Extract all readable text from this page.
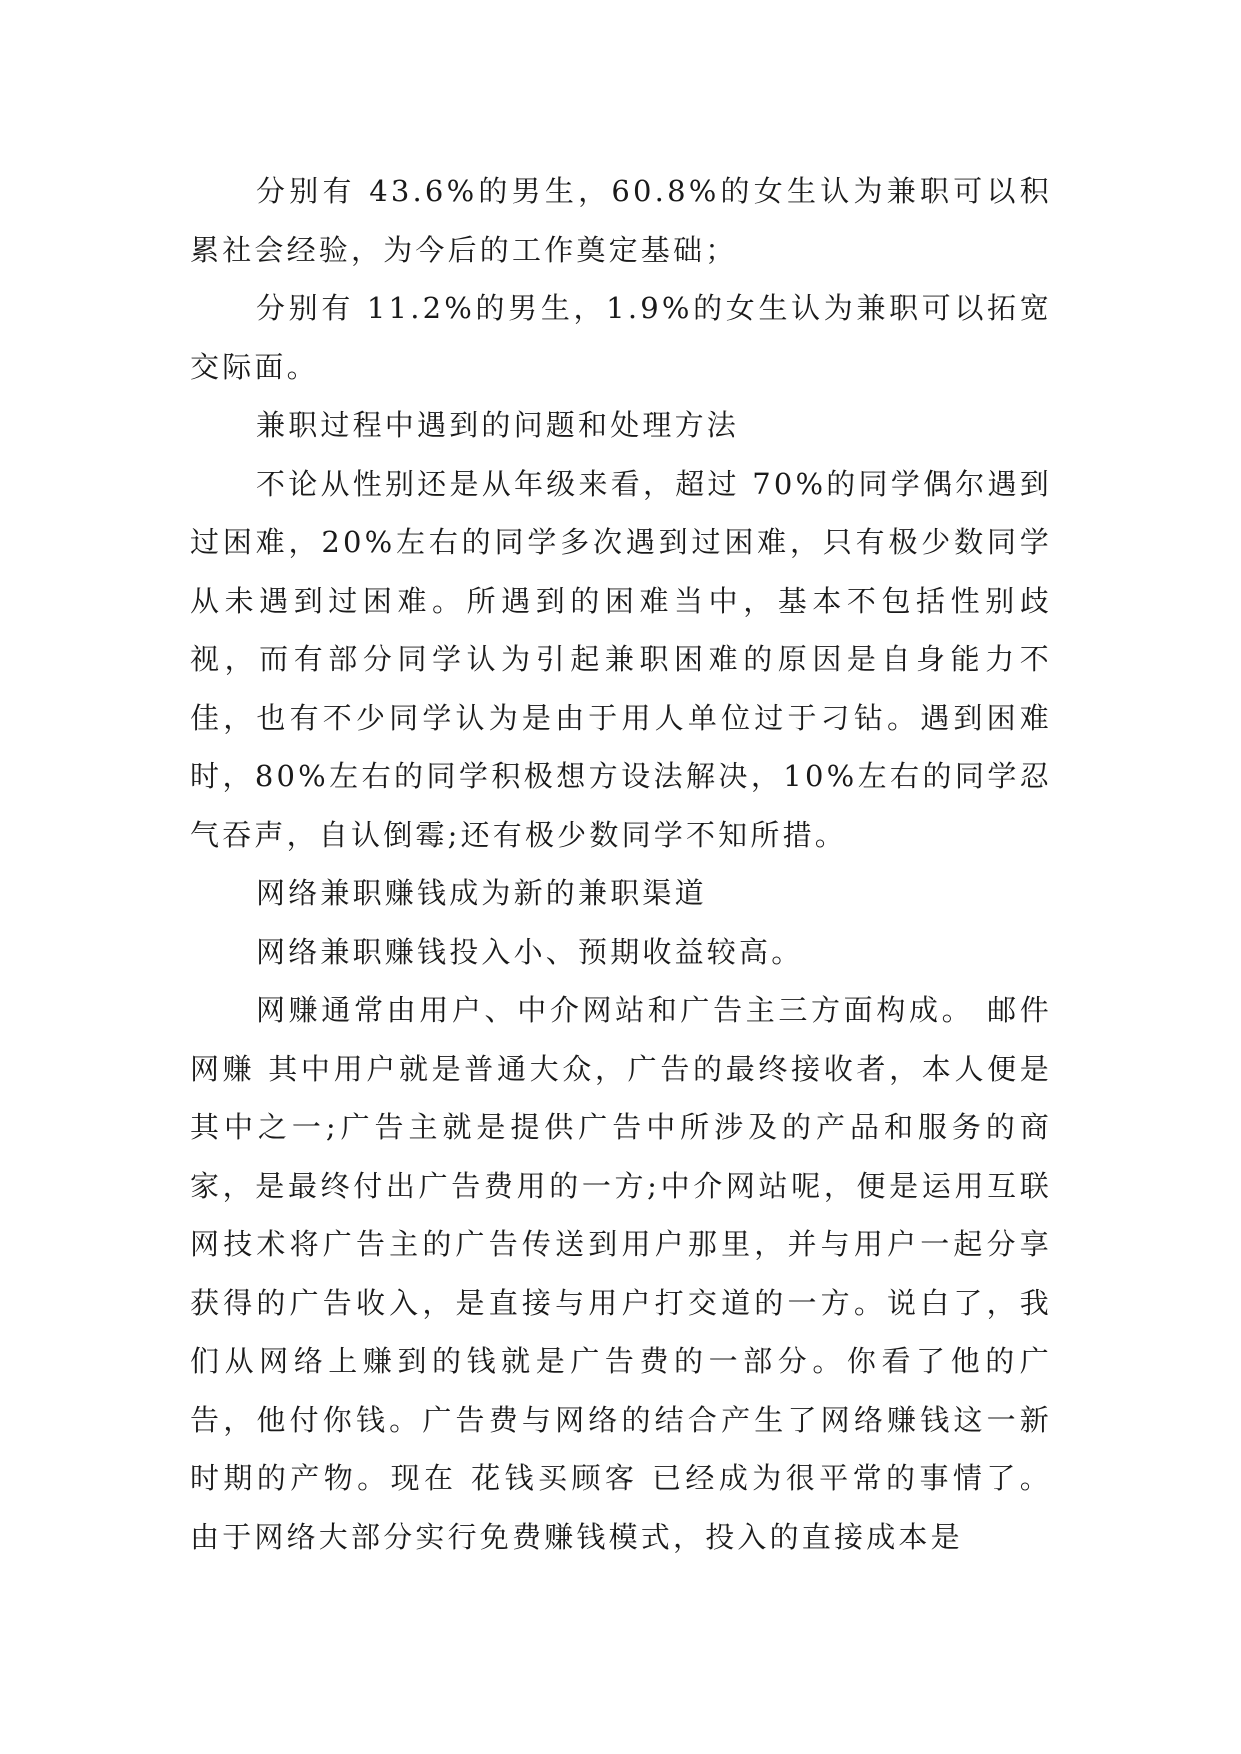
分别有 43.6%的男生，60.8%的女生认为兼职可以积累社会经验，为今后的工作奠定基础；

分别有 11.2%的男生，1.9%的女生认为兼职可以拓宽交际面。

兼职过程中遇到的问题和处理方法

不论从性别还是从年级来看，超过 70%的同学偶尔遇到过困难，20%左右的同学多次遇到过困难，只有极少数同学从未遇到过困难。所遇到的困难当中，基本不包括性别歧视，而有部分同学认为引起兼职困难的原因是自身能力不佳，也有不少同学认为是由于用人单位过于刁钻。遇到困难时，80%左右的同学积极想方设法解决，10%左右的同学忍气吞声，自认倒霉;还有极少数同学不知所措。

网络兼职赚钱成为新的兼职渠道

网络兼职赚钱投入小、预期收益较高。

网赚通常由用户、中介网站和广告主三方面构成。 邮件网赚 其中用户就是普通大众，广告的最终接收者，本人便是其中之一;广告主就是提供广告中所涉及的产品和服务的商家，是最终付出广告费用的一方;中介网站呢，便是运用互联网技术将广告主的广告传送到用户那里，并与用户一起分享获得的广告收入，是直接与用户打交道的一方。说白了，我们从网络上赚到的钱就是广告费的一部分。你看了他的广告，他付你钱。广告费与网络的结合产生了网络赚钱这一新时期的产物。现在 花钱买顾客 已经成为很平常的事情了。由于网络大部分实行免费赚钱模式，投入的直接成本是
